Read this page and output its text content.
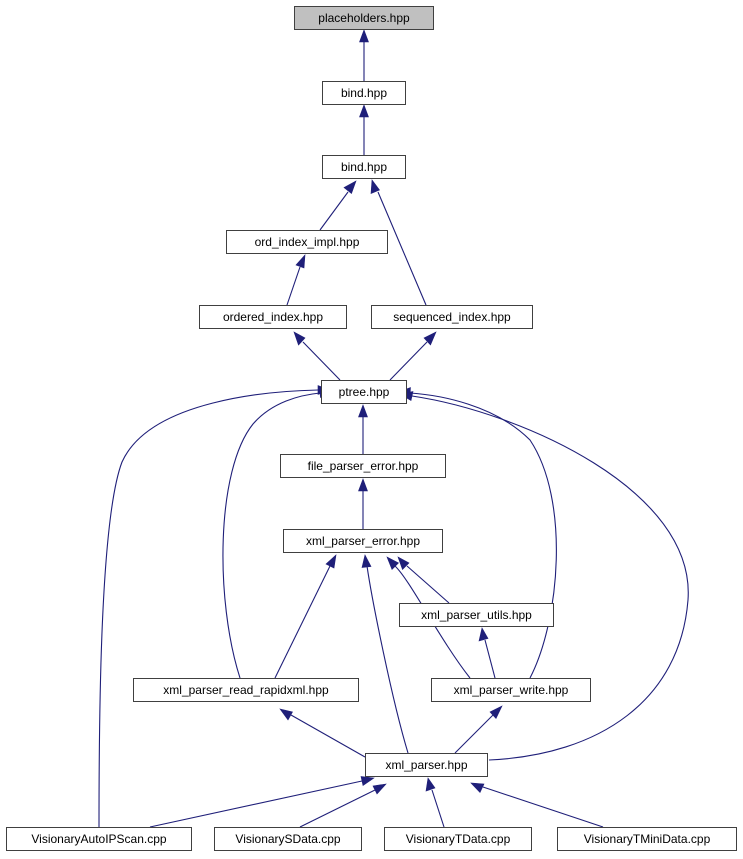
placeholders.hpp
bind.hpp
bind.hpp
ord_index_impl.hpp
ordered_index.hpp	sequenced_index.hpp
ptree.hpp
file_parser_error.hpp
xml_parser_error.hpp
xml_parser_utils.hpp
xml_parser_read_rapidxml.hpp	xml_parser_write.hpp
xml_parser.hpp
VisionaryAutoIPScan.cpp	VisionarySData.cpp	VisionaryTData.cpp	VisionaryTMiniData.cpp
